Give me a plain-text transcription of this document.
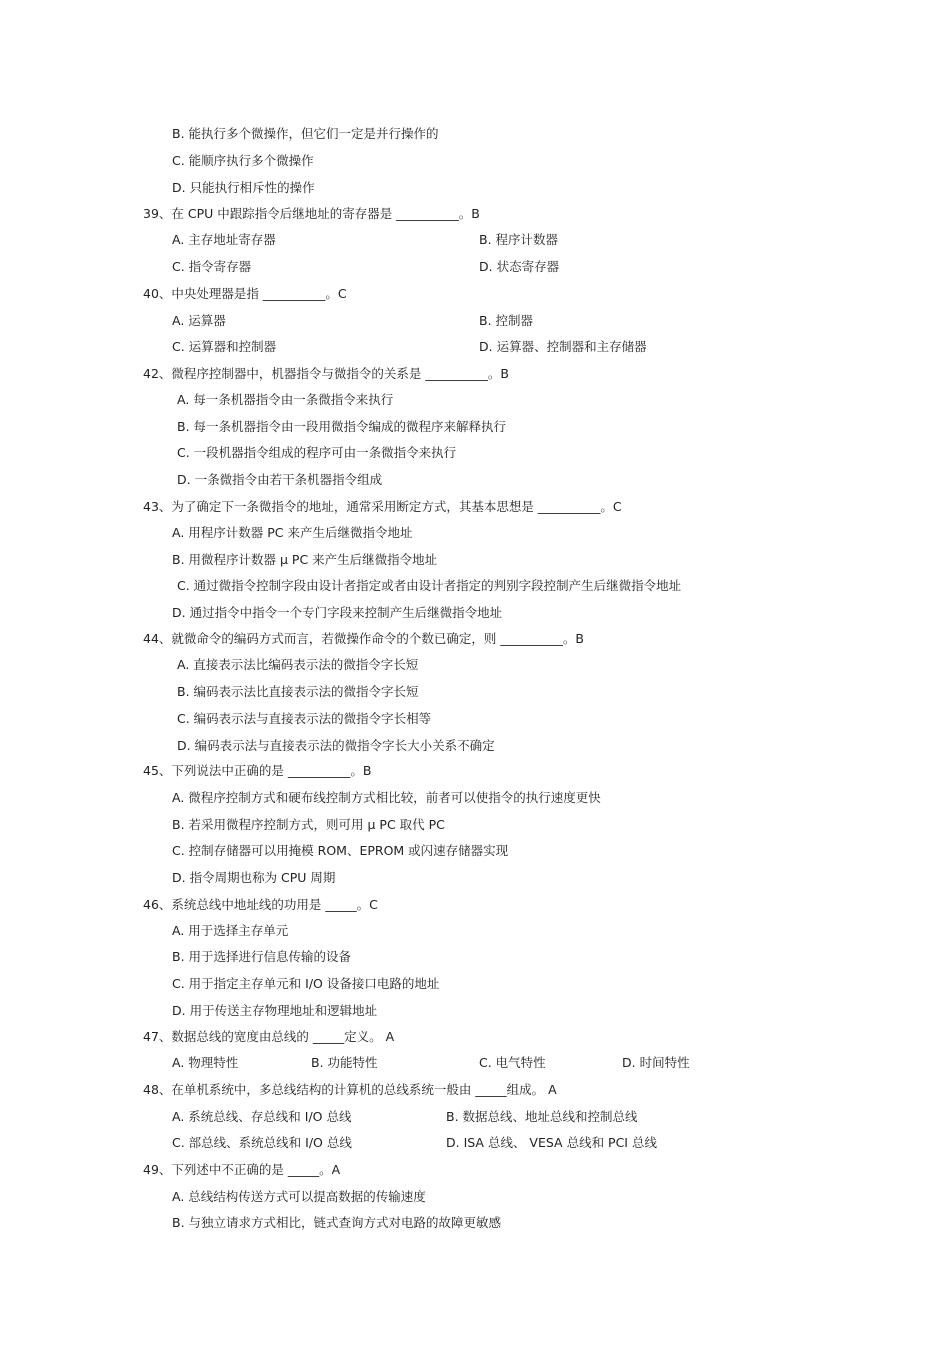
B. 能执行多个微操作，但它们一定是并行操作的
C. 能顺序执行多个微操作
D. 只能执行相斥性的操作
39、在 CPU 中跟踪指令后继地址的寄存器是 __________。B
A. 主存地址寄存器	B. 程序计数器
C. 指令寄存器	D. 状态寄存器
40、中央处理器是指 __________。C
A. 运算器	B. 控制器
C. 运算器和控制器	D. 运算器、控制器和主存储器
42、微程序控制器中，机器指令与微指令的关系是 __________。B
A. 每一条机器指令由一条微指令来执行
B. 每一条机器指令由一段用微指令编成的微程序来解释执行
C. 一段机器指令组成的程序可由一条微指令来执行
D. 一条微指令由若干条机器指令组成
43、为了确定下一条微指令的地址，通常采用断定方式，其基本思想是 __________。C
A. 用程序计数器 PC 来产生后继微指令地址
B. 用微程序计数器 μ PC 来产生后继微指令地址
C. 通过微指令控制字段由设计者指定或者由设计者指定的判别字段控制产生后继微指令地址
D. 通过指令中指令一个专门字段来控制产生后继微指令地址
44、就微命令的编码方式而言，若微操作命令的个数已确定，则 __________。B
A. 直接表示法比编码表示法的微指令字长短
B. 编码表示法比直接表示法的微指令字长短
C. 编码表示法与直接表示法的微指令字长相等
D. 编码表示法与直接表示法的微指令字长大小关系不确定
45、下列说法中正确的是 __________。B
A. 微程序控制方式和硬布线控制方式相比较，前者可以使指令的执行速度更快
B. 若采用微程序控制方式，则可用 μ PC 取代 PC
C. 控制存储器可以用掩模 ROM、EPROM 或闪速存储器实现
D. 指令周期也称为 CPU 周期
46、系统总线中地址线的功用是 _____。C
A. 用于选择主存单元
B. 用于选择进行信息传输的设备
C. 用于指定主存单元和 I/O 设备接口电路的地址
D. 用于传送主存物理地址和逻辑地址
47、数据总线的宽度由总线的 _____定义。 A
A. 物理特性	B. 功能特性	C. 电气特性	D. 时间特性
48、在单机系统中，多总线结构的计算机的总线系统一般由 _____组成。 A
A. 系统总线、存总线和 I/O 总线	B. 数据总线、地址总线和控制总线
C. 部总线、系统总线和 I/O 总线	D. ISA 总线、 VESA 总线和 PCI 总线
49、下列述中不正确的是 _____。A
A. 总线结构传送方式可以提高数据的传输速度
B. 与独立请求方式相比，链式查询方式对电路的故障更敏感
